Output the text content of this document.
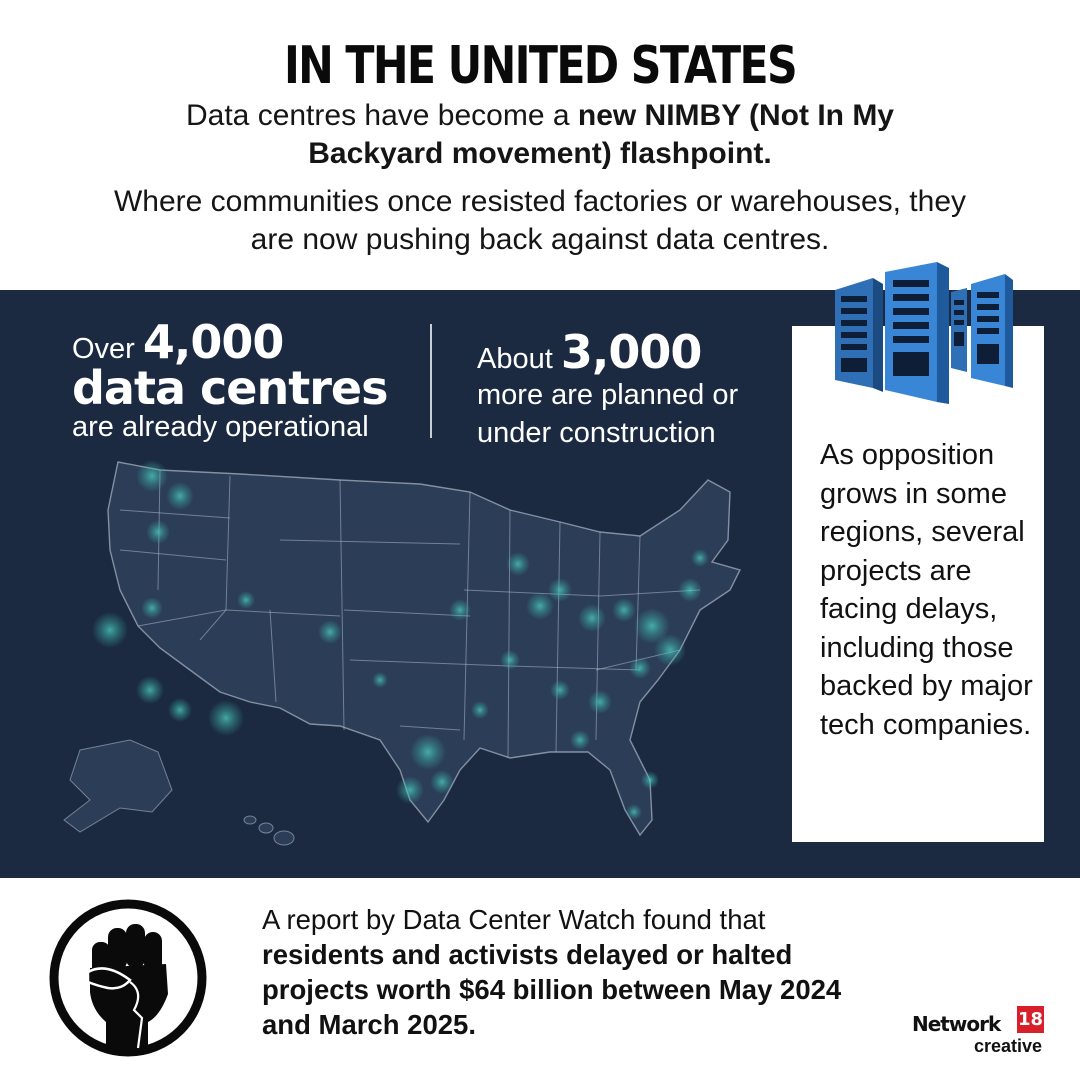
IN THE UNITED STATES

Data centres have become a new NIMBY (Not In My Backyard movement) flashpoint.

Where communities once resisted factories or warehouses, they are now pushing back against data centres.

Over 4,000
data centres
are already operational
About 3,000
more are planned or
under construction

As opposition grows in some regions, several projects are facing delays, including those backed by major tech companies.

A report by Data Center Watch found that residents and activists delayed or halted projects worth $64 billion between May 2024 and March 2025.	Network 18
creative
